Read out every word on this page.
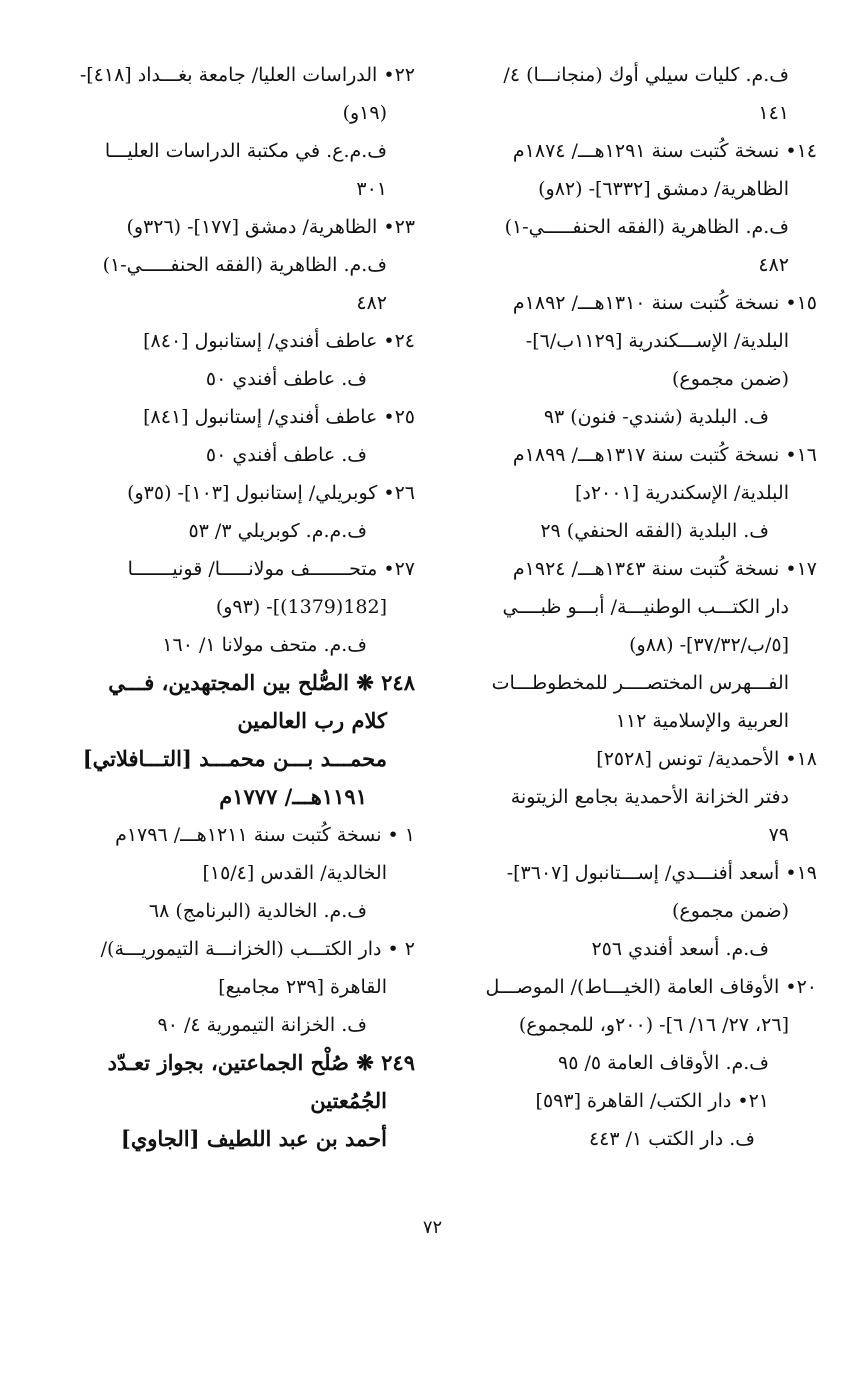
ف.م. كليات سيلي أوك (منجانـــا) ٤/
١٤١
١٤• نسخة كُتبت سنة ١٢٩١هـــ/ ١٨٧٤م
الظاهرية/ دمشق [٦٣٣٢]- (٨٢و)
ف.م. الظاهرية (الفقه الحنفـــــي-١)
٤٨٢
١٥• نسخة كُتبت سنة ١٣١٠هـــ/ ١٨٩٢م
البلدية/ الإســـكندرية [١١٢٩ب/٦]-
(ضمن مجموع)
ف. البلدية (شندي- فنون) ٩٣
١٦• نسخة كُتبت سنة ١٣١٧هـــ/ ١٨٩٩م
البلدية/ الإسكندرية [٢٠٠١د]
ف. البلدية (الفقه الحنفي) ٢٩
١٧• نسخة كُتبت سنة ١٣٤٣هـــ/ ١٩٢٤م
دار الكتـــب الوطنيـــة/ أبـــو ظبــــي
[٥/ب/٣٧/٣٢]- (٨٨و)
الفـــهرس المختصــــر للمخطوطـــات
العربية والإسلامية ١١٢
١٨• الأحمدية/ تونس [٢٥٢٨]
دفتر الخزانة الأحمدية بجامع الزيتونة
٧٩
١٩• أسعد أفنـــدي/ إســـتانبول [٣٦٠٧]-
(ضمن مجموع)
ف.م. أسعد أفندي ٢٥٦
٢٠• الأوقاف العامة (الخيـــاط)/ الموصـــل
[٢٦، ٢٧/ ١٦/ ٦]- (٢٠٠و، للمجموع)
ف.م. الأوقاف العامة ٥/ ٩٥
٢١• دار الكتب/ القاهرة [٥٩٣]
ف. دار الكتب ١/ ٤٤٣
٢٢• الدراسات العليا/ جامعة بغـــداد [٤١٨]-
(١٩و)
ف.م.ع. في مكتبة الدراسات العليـــا
٣٠١
٢٣• الظاهرية/ دمشق [١٧٧]- (٣٢٦و)
ف.م. الظاهرية (الفقه الحنفـــــي-١)
٤٨٢
٢٤• عاطف أفندي/ إستانبول [٨٤٠]
ف. عاطف أفندي ٥٠
٢٥• عاطف أفندي/ إستانبول [٨٤١]
ف. عاطف أفندي ٥٠
٢٦• كوبريلي/ إستانبول [١٠٣]- (٣٥و)
ف.م.م. كوبريلي ٣/ ٥٣
٢٧• متحـــــــف مولانـــــا/ قونيـــــــا
[182(1379)]- (٩٣و)
ف.م. متحف مولانا ١/ ١٦٠
٢٤٨ ❋ الصُّلح بين المجتهدين، فـــي
كلام رب العالمين
محمـــد بـــن محمـــد [التـــافلاتي]
١١٩١هـــ/ ١٧٧٧م
١ • نسخة كُتبت سنة ١٢١١هـــ/ ١٧٩٦م
الخالدية/ القدس [١٥/٤]
ف.م. الخالدية (البرنامج) ٦٨
٢ • دار الكتـــب (الخزانـــة التيموريـــة)/
القاهرة [٢٣٩ مجاميع]
ف. الخزانة التيمورية ٤/ ٩٠
٢٤٩ ❋ صُلْح الجماعتين، بجواز تعـدّد
الجُمُعتين
أحمد بن عبد اللطيف [الجاوي]
٧٢
